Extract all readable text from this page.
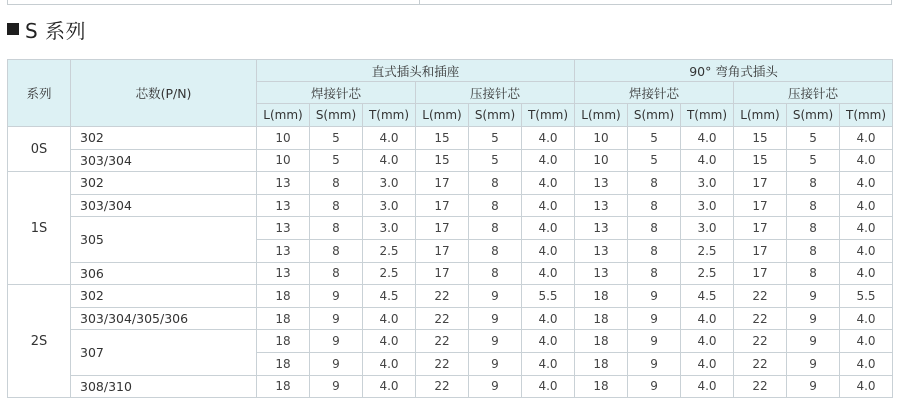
S 系列
系列	芯数(P/N)	直式插头和插座						90° 弯角式插头					
		焊接针芯			压接针芯			焊接针芯			压接针芯		
		L(mm)	S(mm)	T(mm)	L(mm)	S(mm)	T(mm)	L(mm)	S(mm)	T(mm)	L(mm)	S(mm)	T(mm)
0S	302	10	5	4.0	15	5	4.0	10	5	4.0	15	5	4.0
	303/304	10	5	4.0	15	5	4.0	10	5	4.0	15	5	4.0
1S	302	13	8	3.0	17	8	4.0	13	8	3.0	17	8	4.0
	303/304	13	8	3.0	17	8	4.0	13	8	3.0	17	8	4.0
	305	13	8	3.0	17	8	4.0	13	8	3.0	17	8	4.0
		13	8	2.5	17	8	4.0	13	8	2.5	17	8	4.0
	306	13	8	2.5	17	8	4.0	13	8	2.5	17	8	4.0
2S	302	18	9	4.5	22	9	5.5	18	9	4.5	22	9	5.5
	303/304/305/306	18	9	4.0	22	9	4.0	18	9	4.0	22	9	4.0
	307	18	9	4.0	22	9	4.0	18	9	4.0	22	9	4.0
		18	9	4.0	22	9	4.0	18	9	4.0	22	9	4.0
	308/310	18	9	4.0	22	9	4.0	18	9	4.0	22	9	4.0
